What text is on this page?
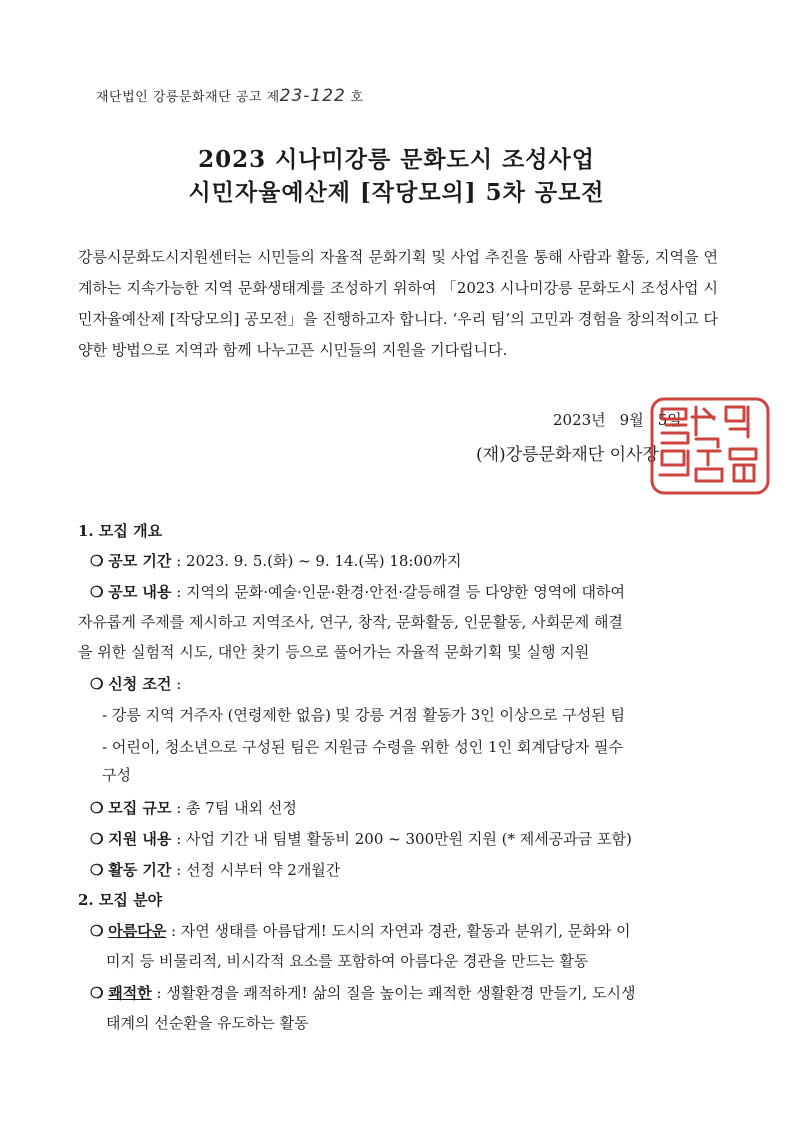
재단법인 강릉문화재단 공고 제23-122 호
2023 시나미강릉 문화도시 조성사업
시민자율예산제 [작당모의] 5차 공모전
강릉시문화도시지원센터는 시민들의 자율적 문화기획 및 사업 추진을 통해 사람과 활동, 지역을 연계하는 지속가능한 지역 문화생태계를 조성하기 위하여 「2023 시나미강릉 문화도시 조성사업 시민자율예산제 [작당모의] 공모전」을 진행하고자 합니다. ‘우리 팀’의 고민과 경험을 창의적이고 다양한 방법으로 지역과 함께 나누고픈 시민들의 지원을 기다립니다.
2023년 9월 5일
(재)강릉문화재단 이사장
1. 모집 개요
❍ 공모 기간 : 2023. 9. 5.(화) ~ 9. 14.(목) 18:00까지
❍ 공모 내용 : 지역의 문화·예술·인문·환경·안전·갈등해결 등 다양한 영역에 대하여
자유롭게 주제를 제시하고 지역조사, 연구, 창작, 문화활동, 인문활동, 사회문제 해결
을 위한 실험적 시도, 대안 찾기 등으로 풀어가는 자율적 문화기획 및 실행 지원
❍ 신청 조건 :
- 강릉 지역 거주자 (연령제한 없음) 및 강릉 거점 활동가 3인 이상으로 구성된 팀
- 어린이, 청소년으로 구성된 팀은 지원금 수령을 위한 성인 1인 회계담당자 필수
구성
❍ 모집 규모 : 총 7팀 내외 선정
❍ 지원 내용 : 사업 기간 내 팀별 활동비 200 ~ 300만원 지원 (* 제세공과금 포함)
❍ 활동 기간 : 선정 시부터 약 2개월간
2. 모집 분야
❍ 아름다운 : 자연 생태를 아름답게! 도시의 자연과 경관, 활동과 분위기, 문화와 이
미지 등 비물리적, 비시각적 요소를 포함하여 아름다운 경관을 만드는 활동
❍ 쾌적한 : 생활환경을 쾌적하게! 삶의 질을 높이는 쾌적한 생활환경 만들기, 도시생
태계의 선순환을 유도하는 활동
